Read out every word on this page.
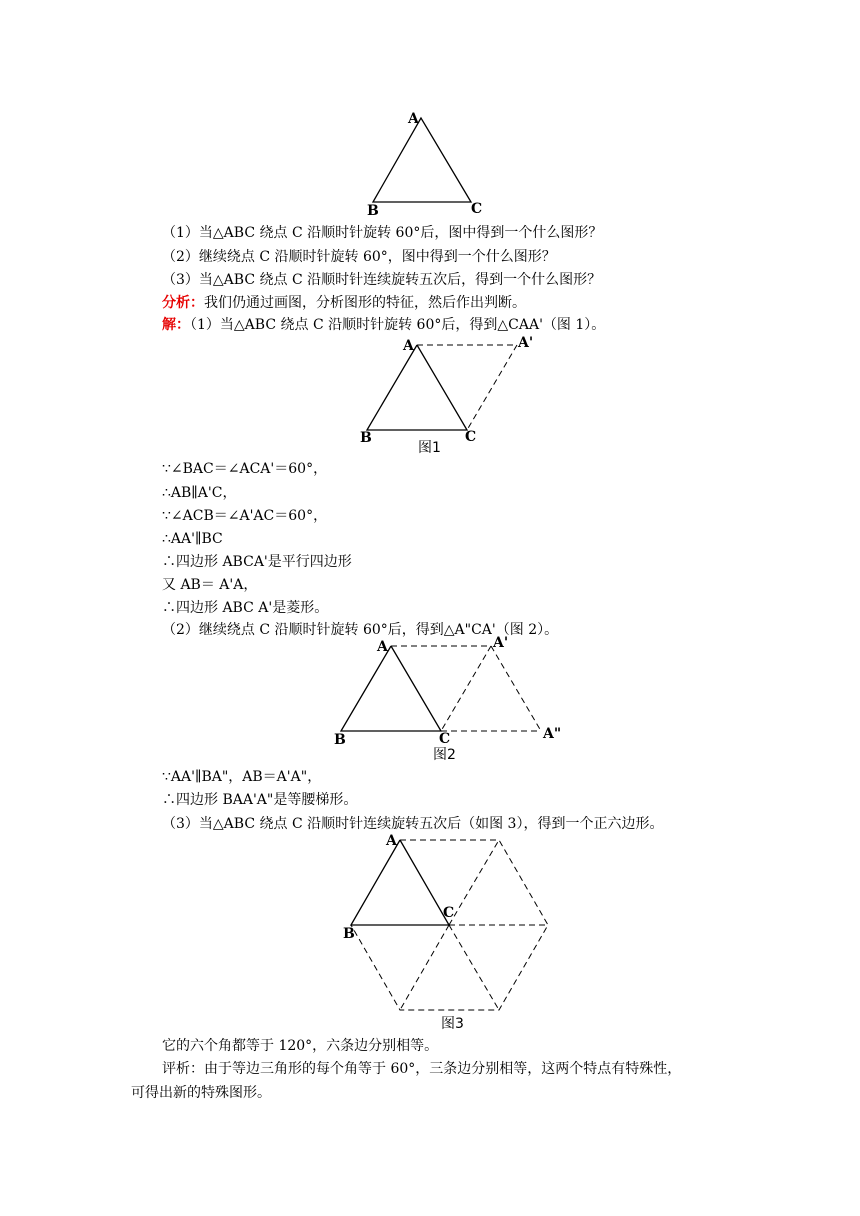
A
B	C
（1）当△ABC 绕点 C 沿顺时针旋转 60°后，图中得到一个什么图形？
（2）继续绕点 C 沿顺时针旋转 60°，图中得到一个什么图形？
（3）当△ABC 绕点 C 沿顺时针连续旋转五次后，得到一个什么图形？
分析：我们仍通过画图，分析图形的特征，然后作出判断。
解：（1）当△ABC 绕点 C 沿顺时针旋转 60°后，得到△CAA'（图 1）。
A	A'
B	C
图1
∵∠BAC＝∠ACA'＝60°，
∴AB∥A'C，
∵∠ACB＝∠A'AC＝60°，
∴AA'∥BC
∴四边形 ABCA'是平行四边形
又 AB＝ A'A，
∴四边形 ABC A'是菱形。
（2）继续绕点 C 沿顺时针旋转 60°后，得到△A"CA'（图 2）。
A	A'
A"
B	C
图2
∵AA'∥BA"，AB＝A'A"，
∴四边形 BAA'A"是等腰梯形。
（3）当△ABC 绕点 C 沿顺时针连续旋转五次后（如图 3），得到一个正六边形。
A
B
C
图3
它的六个角都等于 120°，六条边分别相等。
评析：由于等边三角形的每个角等于 60°，三条边分别相等，这两个特点有特殊性，
可得出新的特殊图形。
